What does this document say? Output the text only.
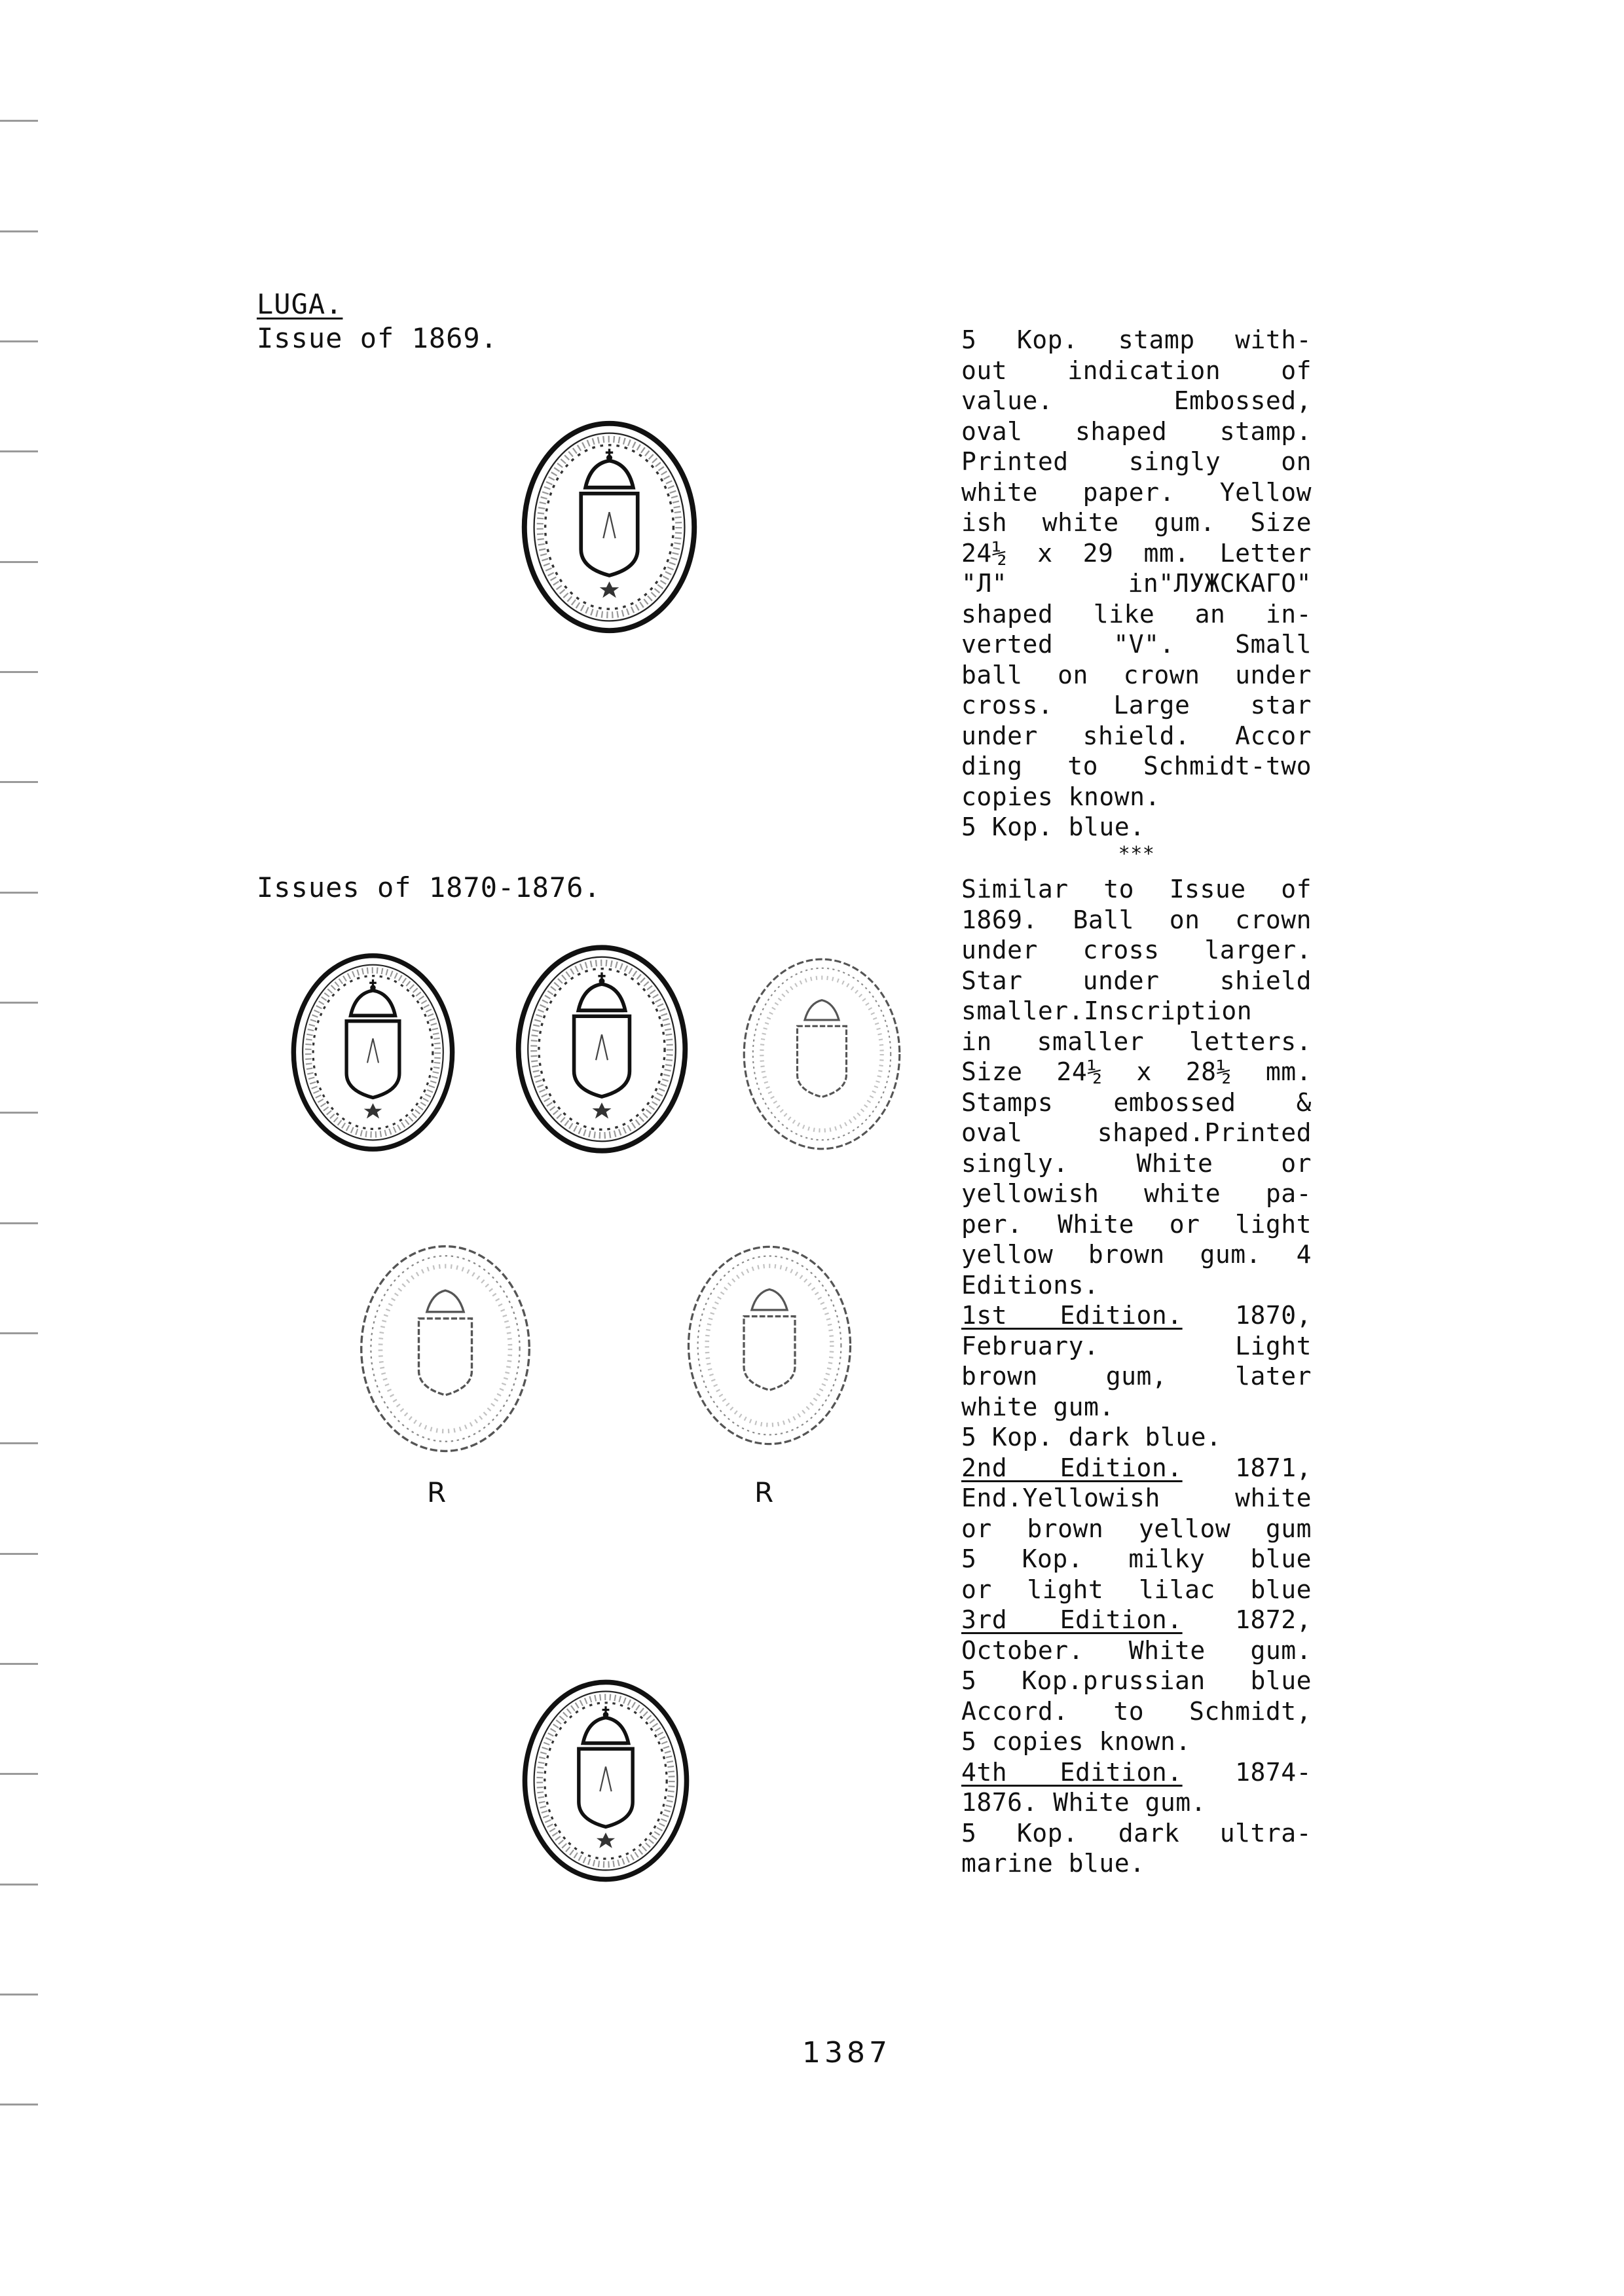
LUGA.
Issue of 1869.
Issues of 1870-1876.
R	R
5 Kop. stamp with-
out indication of
value. Embossed,
oval shaped stamp.
Printed singly on
white paper. Yellow
ish white gum. Size
24½ x 29 mm. Letter
"Л" in"ЛУЖСКАГО"
shaped like an in-
verted "V". Small
ball on crown under
cross. Large star
under shield. Accor
ding to Schmidt-two
copies known.
5 Kop. blue.
***
Similar to Issue of
1869. Ball on crown
under cross larger.
Star under shield
smaller.Inscription
in smaller letters.
Size 24½ x 28½ mm.
Stamps embossed &
oval shaped.Printed
singly. White or
yellowish white pa-
per. White or light
yellow brown gum. 4
Editions.
1st Edition. 1870,
February. Light
brown gum, later
white gum.
5 Kop. dark blue.
2nd Edition. 1871,
End.Yellowish white
or brown yellow gum
5 Kop. milky blue
or light lilac blue
3rd Edition. 1872,
October. White gum.
5 Kop.prussian blue
Accord. to Schmidt,
5 copies known.
4th Edition. 1874-
1876. White gum.
5 Kop. dark ultra-
marine blue.
1387
